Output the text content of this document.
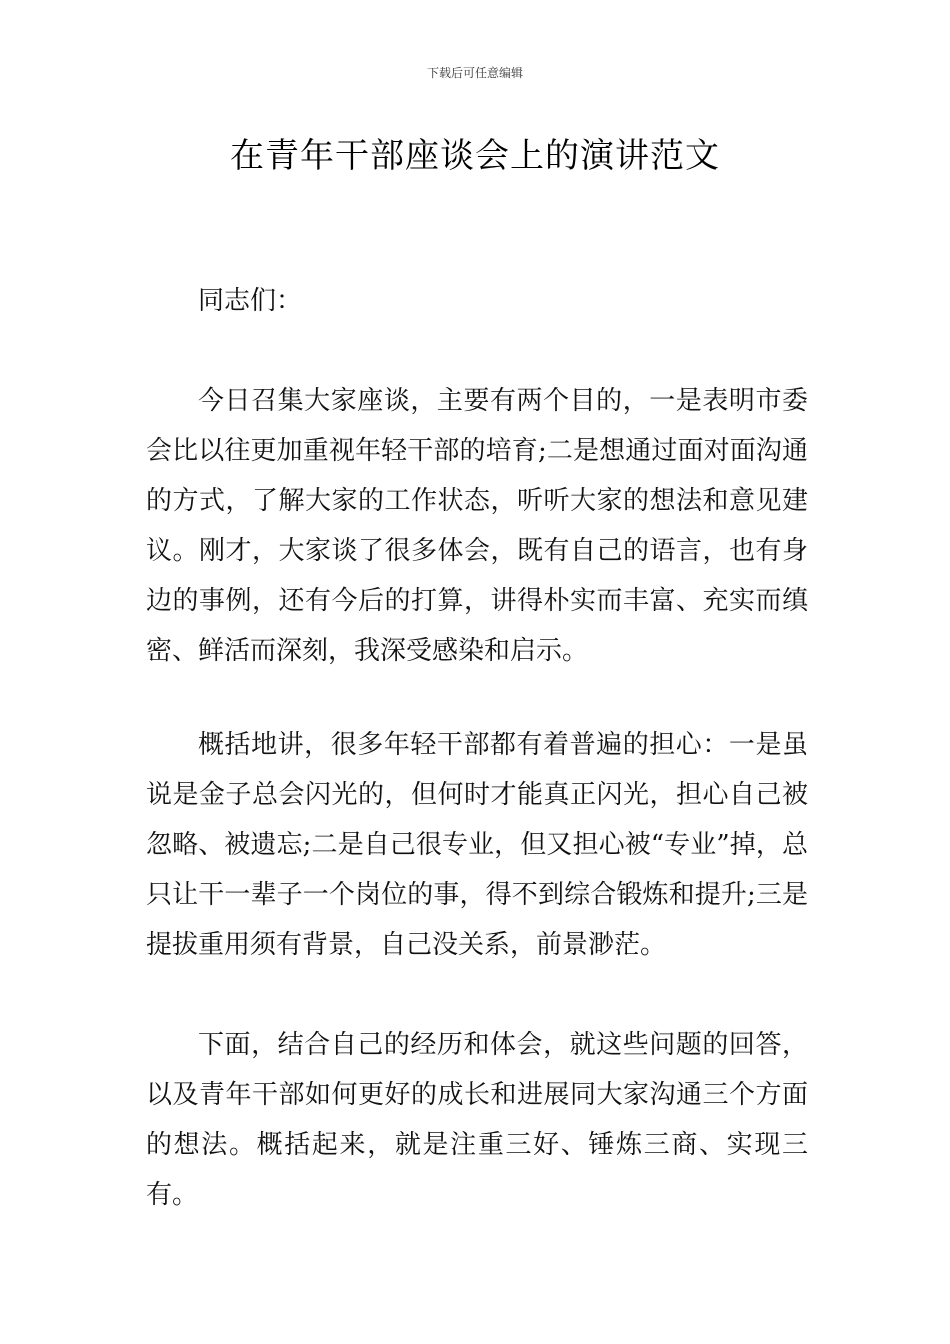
下载后可任意编辑
在青年干部座谈会上的演讲范文

同志们：

今日召集大家座谈，主要有两个目的，一是表明市委会比以往更加重视年轻干部的培育;二是想通过面对面沟通的方式，了解大家的工作状态，听听大家的想法和意见建议。刚才，大家谈了很多体会，既有自己的语言，也有身边的事例，还有今后的打算，讲得朴实而丰富、充实而缜密、鲜活而深刻，我深受感染和启示。

概括地讲，很多年轻干部都有着普遍的担心：一是虽说是金子总会闪光的，但何时才能真正闪光，担心自己被忽略、被遗忘;二是自己很专业，但又担心被“专业”掉，总只让干一辈子一个岗位的事，得不到综合锻炼和提升;三是提拔重用须有背景，自己没关系，前景渺茫。

下面，结合自己的经历和体会，就这些问题的回答，以及青年干部如何更好的成长和进展同大家沟通三个方面的想法。概括起来，就是注重三好、锤炼三商、实现三有。
